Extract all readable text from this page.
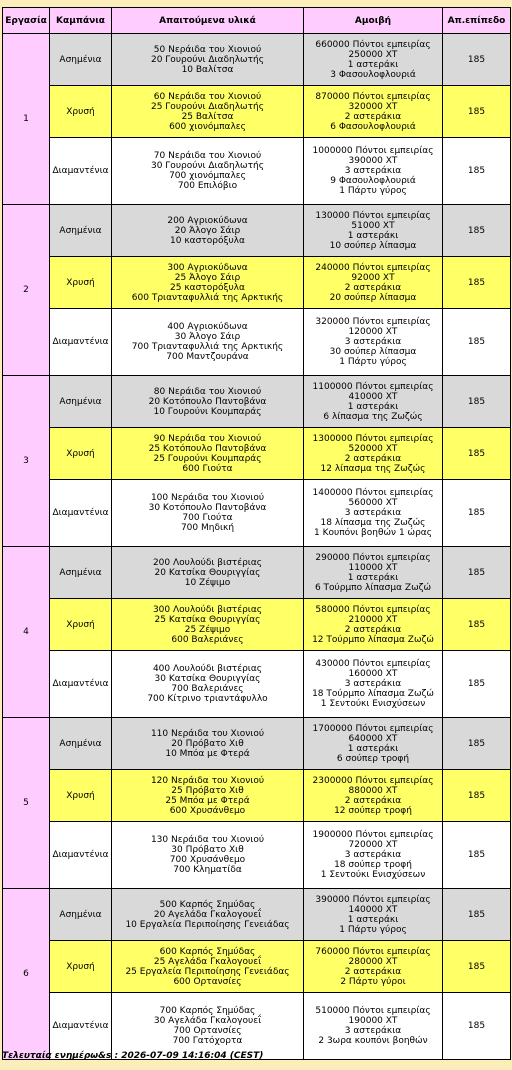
Εργασία	Καμπάνια	Απαιτούμενα υλικά	Αμοιβή	Απ.επίπεδο
1	Ασημένια	50 Νεράιδα του Χιονιού
20 Γουρούνι Διαδηλωτής
10 Βαλίτσα	660000 Πόντοι εμπειρίας
250000 ΧΤ
1 αστεράκι
3 Φασουλοφλουριά	185
	Χρυσή	60 Νεράιδα του Χιονιού
25 Γουρούνι Διαδηλωτής
25 Βαλίτσα
600 χιονόμπαλες	870000 Πόντοι εμπειρίας
320000 ΧΤ
2 αστεράκια
6 Φασουλοφλουριά	185
	Διαμαντένια	70 Νεράιδα του Χιονιού
30 Γουρούνι Διαδηλωτής
700 χιονόμπαλες
700 Επιλόβιο	1000000 Πόντοι εμπειρίας
390000 ΧΤ
3 αστεράκια
9 Φασουλοφλουριά
1 Πάρτυ γύρος	185
2	Ασημένια	200 Αγριοκύδωνα
20 Άλογο Σάιρ
10 καστορόξυλα	130000 Πόντοι εμπειρίας
51000 ΧΤ
1 αστεράκι
10 σούπερ λίπασμα	185
	Χρυσή	300 Αγριοκύδωνα
25 Άλογο Σάιρ
25 καστορόξυλα
600 Τριανταφυλλιά της Αρκτικής	240000 Πόντοι εμπειρίας
92000 ΧΤ
2 αστεράκια
20 σούπερ λίπασμα	185
	Διαμαντένια	400 Αγριοκύδωνα
30 Άλογο Σάιρ
700 Τριανταφυλλιά της Αρκτικής
700 Μαντζουράνα	320000 Πόντοι εμπειρίας
120000 ΧΤ
3 αστεράκια
30 σούπερ λίπασμα
1 Πάρτυ γύρος	185
3	Ασημένια	80 Νεράιδα του Χιονιού
20 Κοτόπουλο Παντοβάνα
10 Γουρούνι Κουμπαράς	1100000 Πόντοι εμπειρίας
410000 ΧΤ
1 αστεράκι
6 λίπασμα της Ζωζώς	185
	Χρυσή	90 Νεράιδα του Χιονιού
25 Κοτόπουλο Παντοβάνα
25 Γουρούνι Κουμπαράς
600 Γιούτα	1300000 Πόντοι εμπειρίας
520000 ΧΤ
2 αστεράκια
12 λίπασμα της Ζωζώς	185
	Διαμαντένια	100 Νεράιδα του Χιονιού
30 Κοτόπουλο Παντοβάνα
700 Γιούτα
700 Μηδική	1400000 Πόντοι εμπειρίας
560000 ΧΤ
3 αστεράκια
18 λίπασμα της Ζωζώς
1 Κουπόνι βοηθών 1 ώρας	185
4	Ασημένια	200 Λουλούδι βιστέριας
20 Κατσίκα Θουριγγίας
10 Ζέψιμο	290000 Πόντοι εμπειρίας
110000 ΧΤ
1 αστεράκι
6 Τούρμπο λίπασμα Ζωζώ	185
	Χρυσή	300 Λουλούδι βιστέριας
25 Κατσίκα Θουριγγίας
25 Ζέψιμο
600 Βαλεριάνες	580000 Πόντοι εμπειρίας
210000 ΧΤ
2 αστεράκια
12 Τούρμπο λίπασμα Ζωζώ	185
	Διαμαντένια	400 Λουλούδι βιστέριας
30 Κατσίκα Θουριγγίας
700 Βαλεριάνες
700 Κίτρινο τριαντάφυλλο	430000 Πόντοι εμπειρίας
160000 ΧΤ
3 αστεράκια
18 Τούρμπο λίπασμα Ζωζώ
1 Σεντούκι Ενισχύσεων	185
5	Ασημένια	110 Νεράιδα του Χιονιού
20 Πρόβατο Χιθ
10 Μπόα με Φτερά	1700000 Πόντοι εμπειρίας
640000 ΧΤ
1 αστεράκι
6 σούπερ τροφή	185
	Χρυσή	120 Νεράιδα του Χιονιού
25 Πρόβατο Χιθ
25 Μπόα με Φτερά
600 Χρυσάνθεμο	2300000 Πόντοι εμπειρίας
880000 ΧΤ
2 αστεράκια
12 σούπερ τροφή	185
	Διαμαντένια	130 Νεράιδα του Χιονιού
30 Πρόβατο Χιθ
700 Χρυσάνθεμο
700 Κληματίδα	1900000 Πόντοι εμπειρίας
720000 ΧΤ
3 αστεράκια
18 σούπερ τροφή
1 Σεντούκι Ενισχύσεων	185
6	Ασημένια	500 Καρπός Σημύδας
20 Αγελάδα Γκαλογουεΐ
10 Εργαλεία Περιποίησης Γενειάδας	390000 Πόντοι εμπειρίας
140000 ΧΤ
1 αστεράκι
1 Πάρτυ γύρος	185
	Χρυσή	600 Καρπός Σημύδας
25 Αγελάδα Γκαλογουεΐ
25 Εργαλεία Περιποίησης Γενειάδας
600 Ορτανσίες	760000 Πόντοι εμπειρίας
280000 ΧΤ
2 αστεράκια
2 Πάρτυ γύροι	185
	Διαμαντένια	700 Καρπός Σημύδας
30 Αγελάδα Γκαλογουεΐ
700 Ορτανσίες
700 Γατόχορτα	510000 Πόντοι εμπειρίας
190000 ΧΤ
3 αστεράκια
2 3ωρα κουπόνι βοηθών	185
Τελευταία ενημέρω&s : 2026-07-09 14:16:04 (CEST)
